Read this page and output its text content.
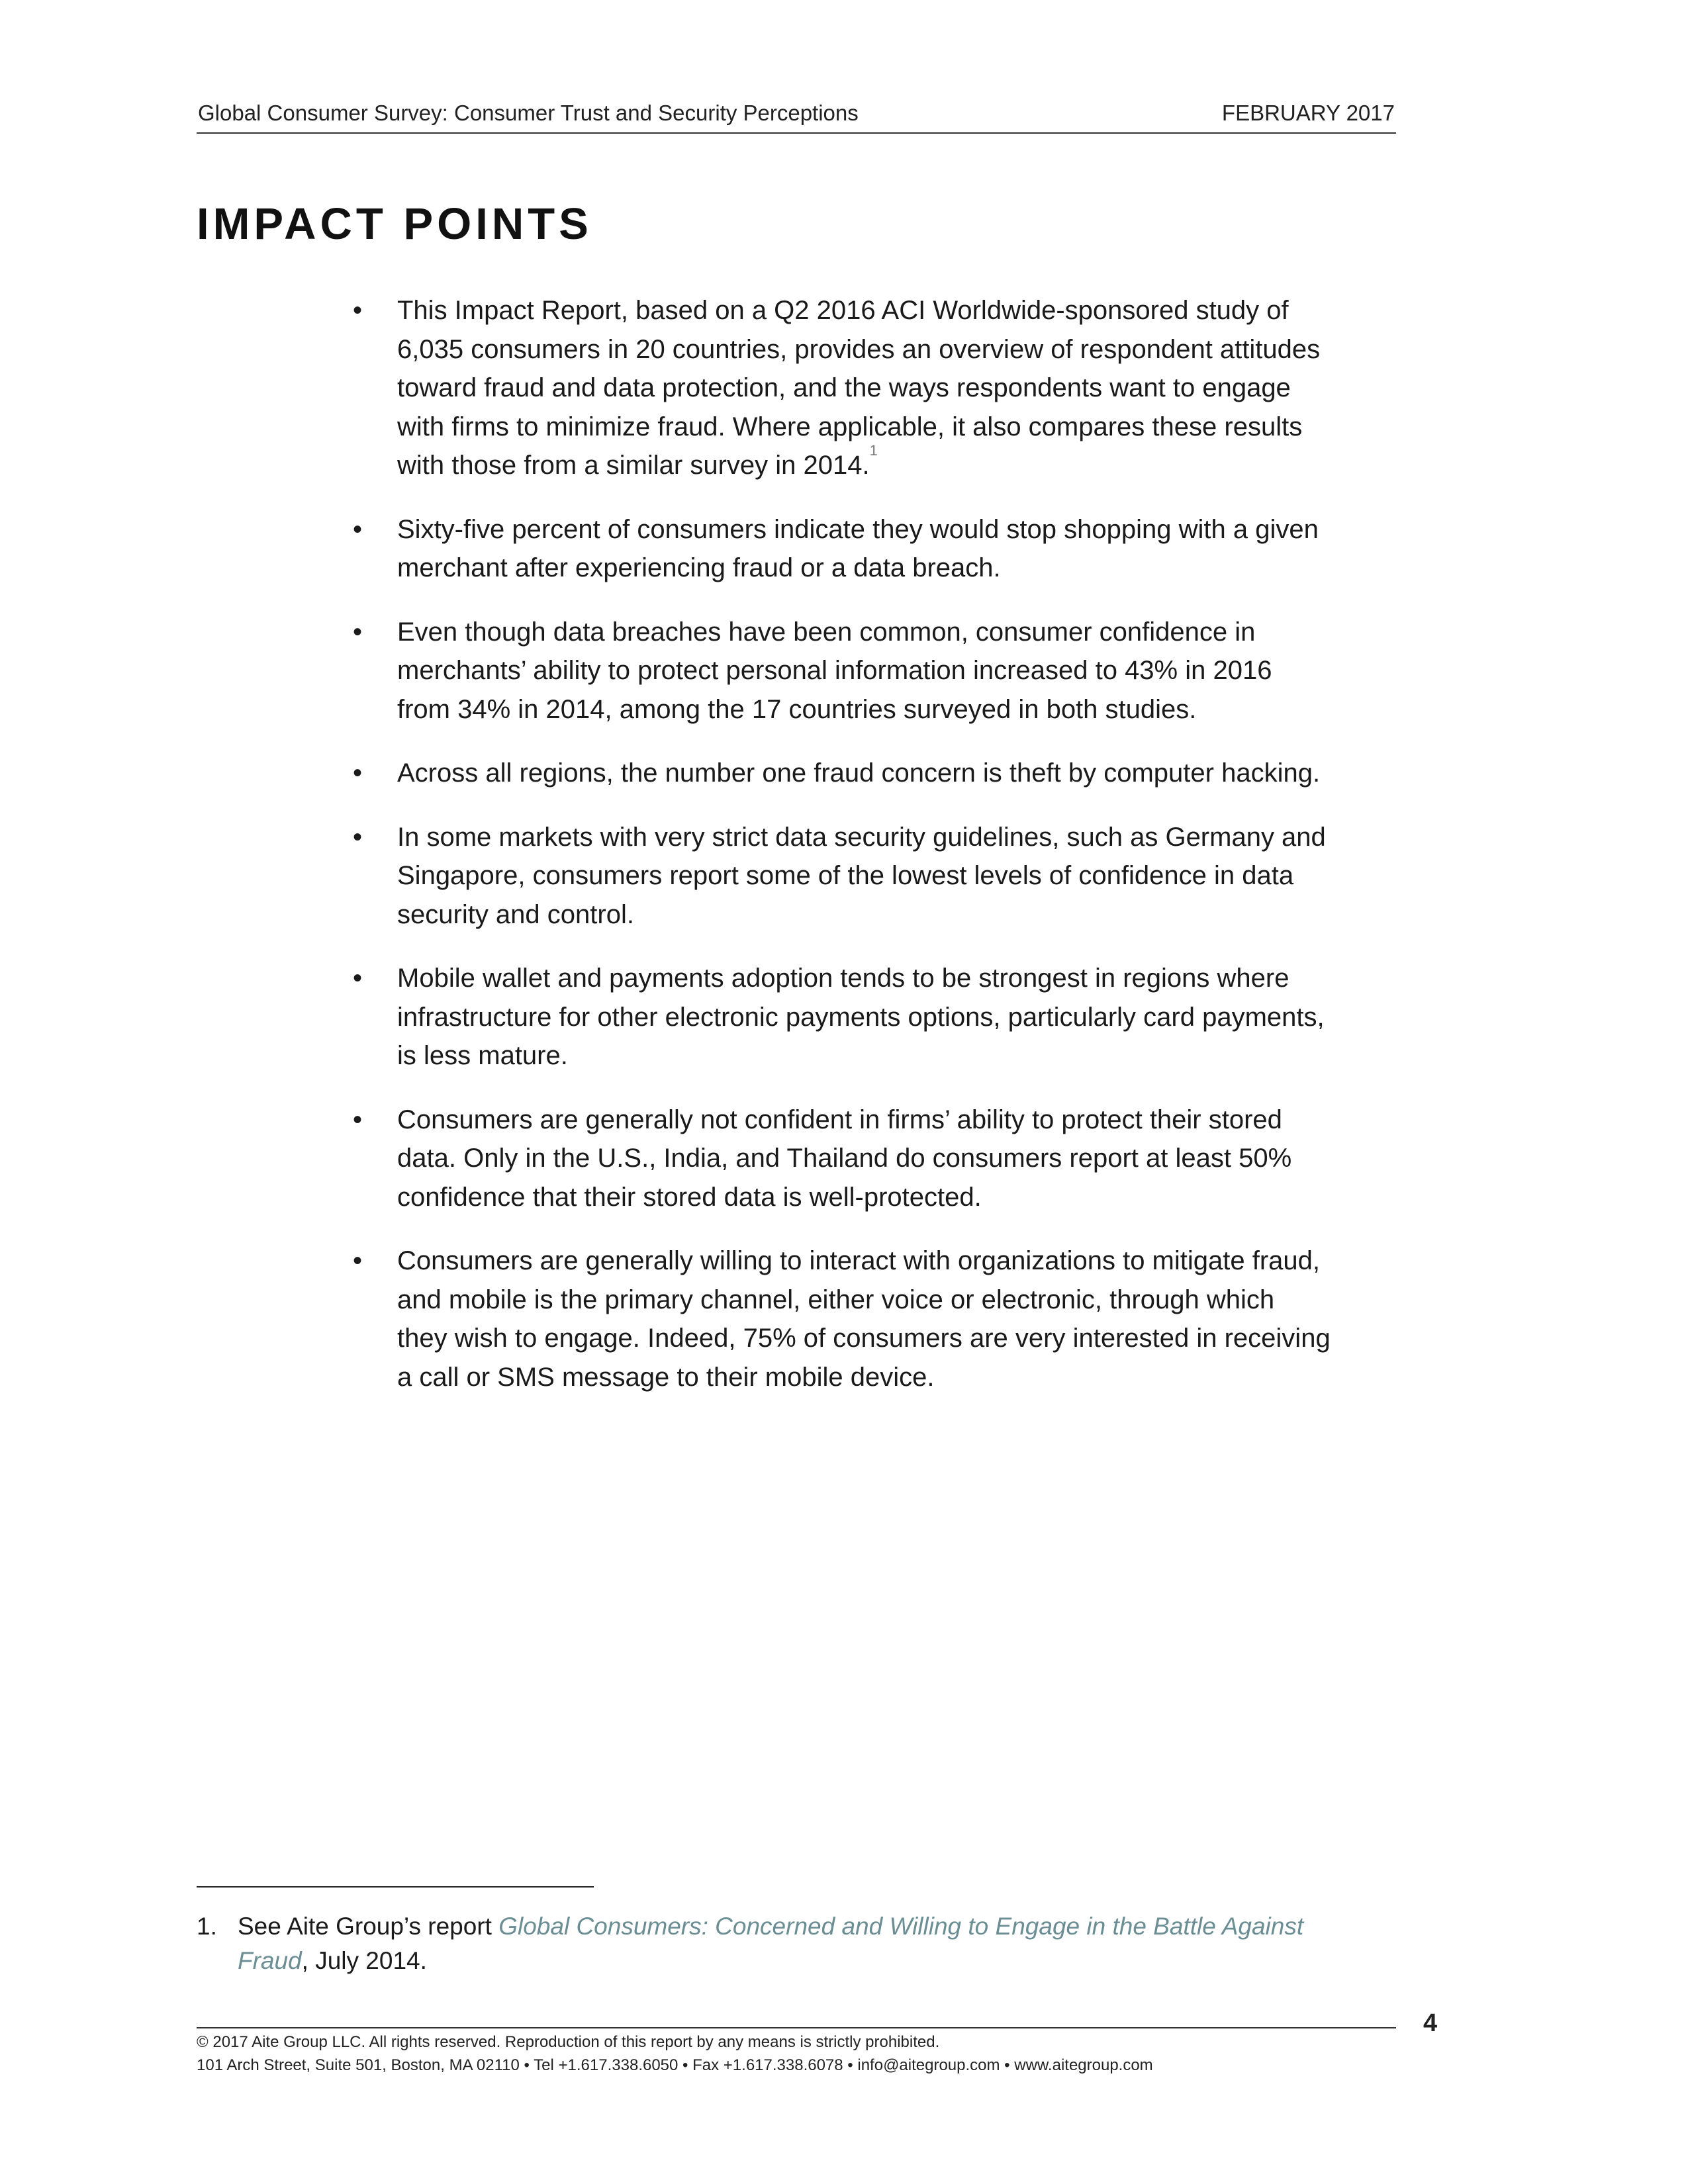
Global Consumer Survey: Consumer Trust and Security Perceptions	FEBRUARY 2017
IMPACT POINTS
•	This Impact Report, based on a Q2 2016 ACI Worldwide-sponsored study of
6,035 consumers in 20 countries, provides an overview of respondent attitudes
toward fraud and data protection, and the ways respondents want to engage
with firms to minimize fraud. Where applicable, it also compares these results
with those from a similar survey in 2014.$^1$
•	Sixty-five percent of consumers indicate they would stop shopping with a given
merchant after experiencing fraud or a data breach.
•	Even though data breaches have been common, consumer confidence in
merchants’ ability to protect personal information increased to 43% in 2016
from 34% in 2014, among the 17 countries surveyed in both studies.
•	Across all regions, the number one fraud concern is theft by computer hacking.
•	In some markets with very strict data security guidelines, such as Germany and
Singapore, consumers report some of the lowest levels of confidence in data
security and control.
•	Mobile wallet and payments adoption tends to be strongest in regions where
infrastructure for other electronic payments options, particularly card payments,
is less mature.
•	Consumers are generally not confident in firms’ ability to protect their stored
data. Only in the U.S., India, and Thailand do consumers report at least 50%
confidence that their stored data is well-protected.
•	Consumers are generally willing to interact with organizations to mitigate fraud,
and mobile is the primary channel, either voice or electronic, through which
they wish to engage. Indeed, 75% of consumers are very interested in receiving
a call or SMS message to their mobile device.
1. See Aite Group’s report Global Consumers: Concerned and Willing to Engage in the Battle Against
Fraud, July 2014.
4
© 2017 Aite Group LLC. All rights reserved. Reproduction of this report by any means is strictly prohibited.
101 Arch Street, Suite 501, Boston, MA 02110 • Tel +1.617.338.6050 • Fax +1.617.338.6078 • info@aitegroup.com • www.aitegroup.com
